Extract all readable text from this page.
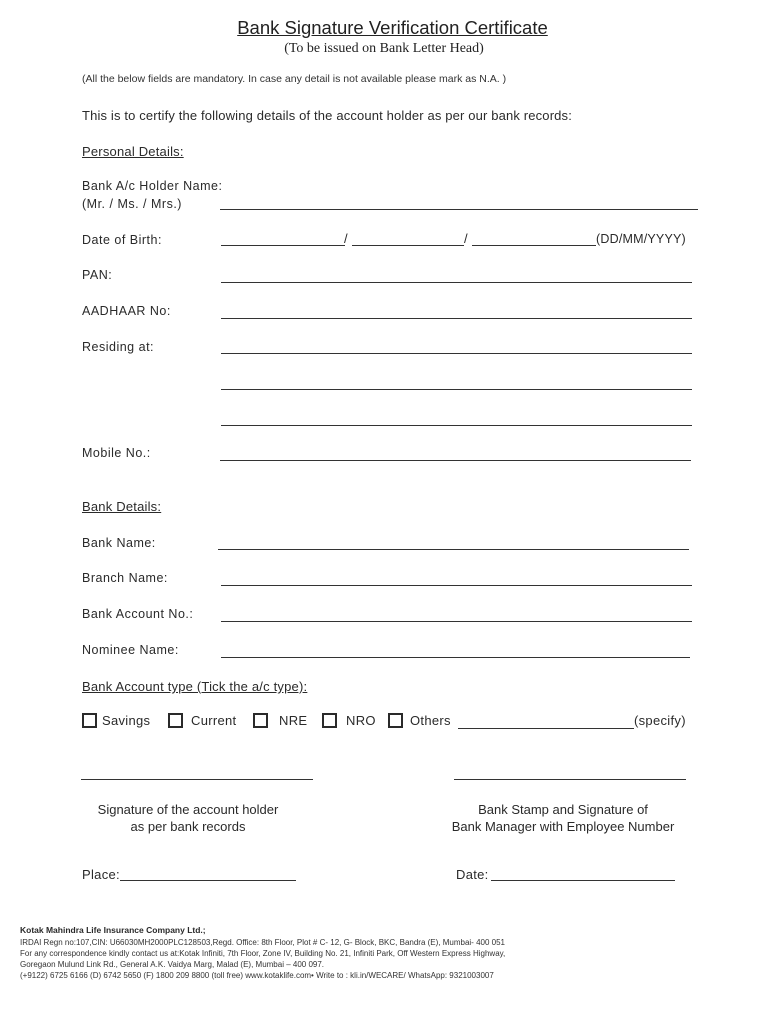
Bank Signature Verification Certificate
(To be issued on Bank Letter Head)
(All the below fields are mandatory. In case any detail is not available please mark as N.A. )
This is to certify the following details of the account holder as per our bank records:
Personal Details:
Bank A/c Holder Name:
(Mr. / Ms. / Mrs.)
Date of Birth:	/	/	(DD/MM/YYYY)
PAN:
AADHAAR No:
Residing at:
Mobile No.:
Bank Details:
Bank Name:
Branch Name:
Bank Account No.:
Nominee Name:
Bank Account type (Tick the a/c type):
Savings	Current	NRE	NRO	Others	(specify)
Signature of the account holder
as per bank records
Bank Stamp and Signature of
Bank Manager with Employee Number
Place:	Date:
Kotak Mahindra Life Insurance Company Ltd.;
IRDAI Regn no:107,CIN: U66030MH2000PLC128503,Regd. Office: 8th Floor, Plot # C- 12, G- Block, BKC, Bandra (E), Mumbai- 400 051
For any correspondence kindly contact us at:Kotak Infiniti, 7th Floor, Zone IV, Building No. 21, Infiniti Park, Off Western Express Highway,
Goregaon Mulund Link Rd., General A.K. Vaidya Marg, Malad (E), Mumbai – 400 097.
(+9122) 6725 6166 (D) 6742 5650 (F) 1800 209 8800 (toll free) www.kotaklife.com• Write to : kli.in/WECARE/ WhatsApp: 9321003007
